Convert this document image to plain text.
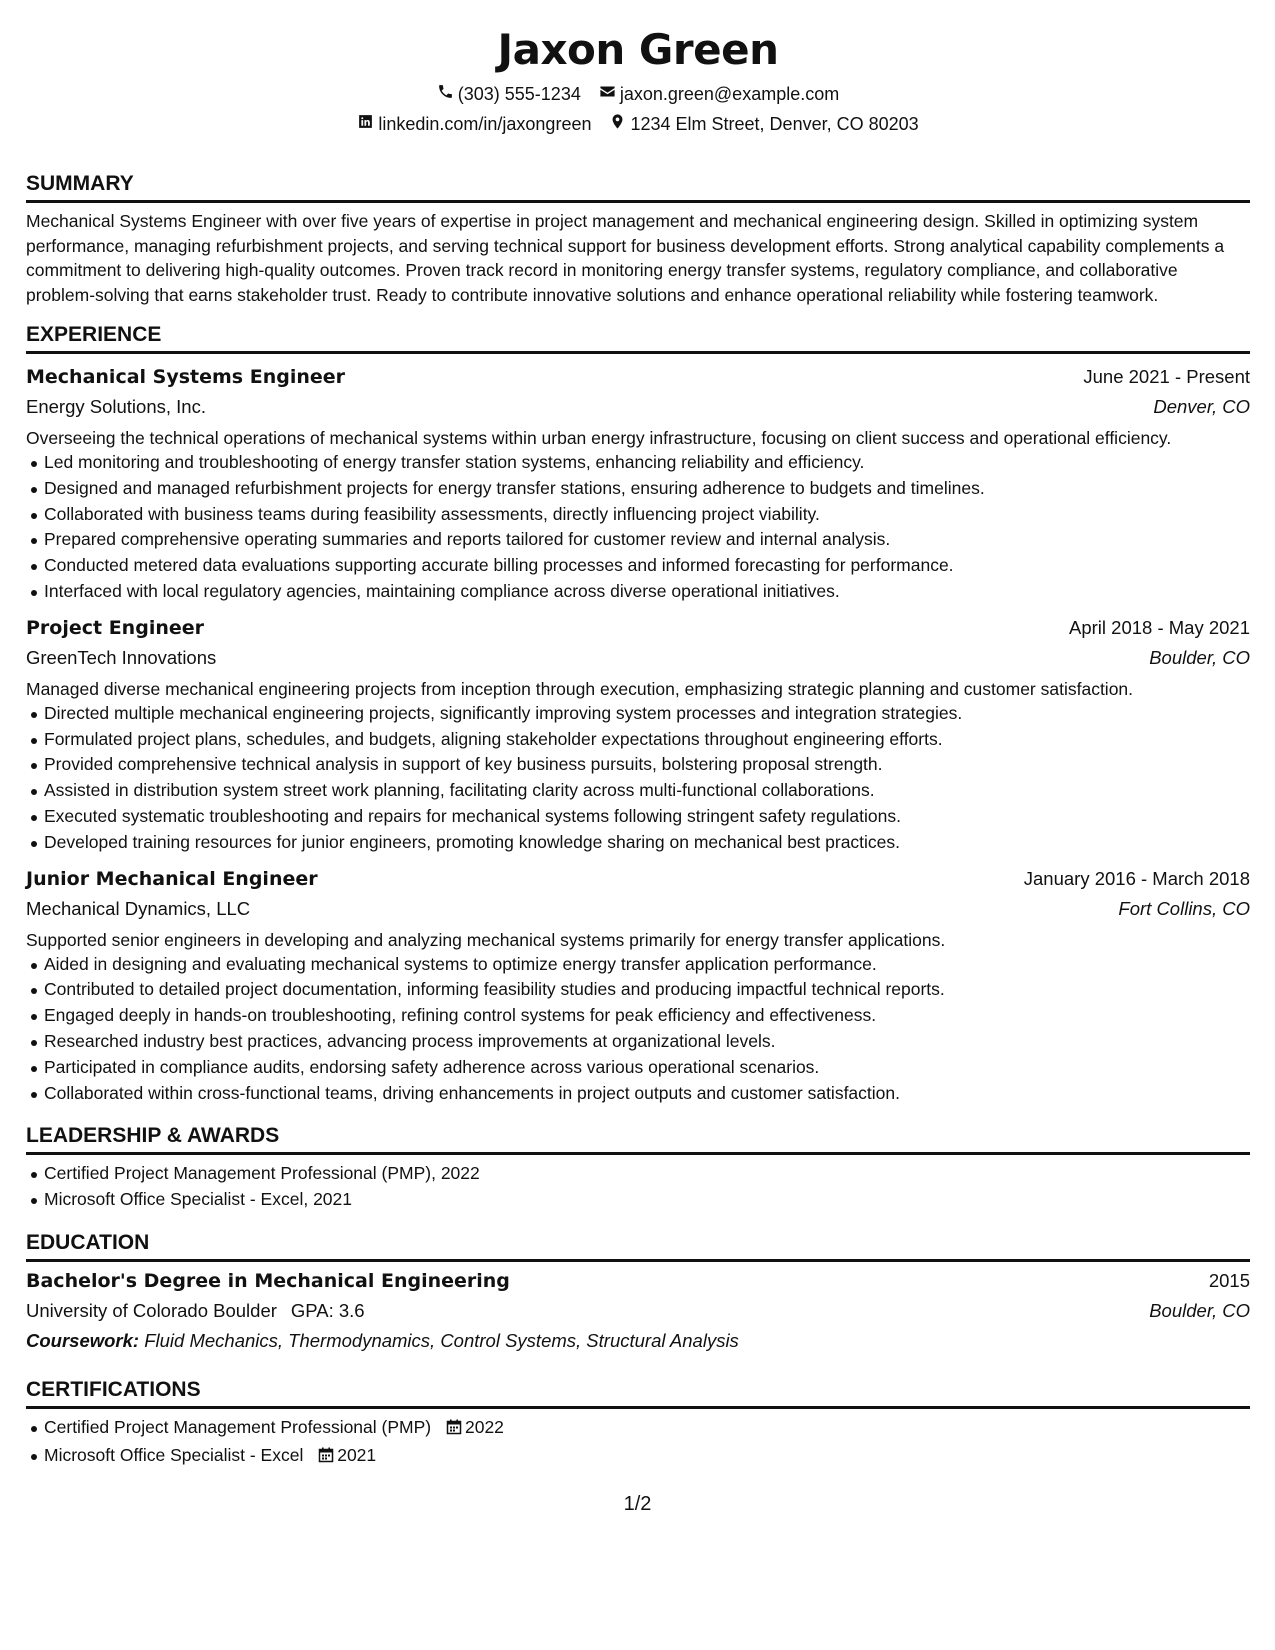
Jaxon Green
(303) 555-1234 jaxon.green@example.com
linkedin.com/in/jaxongreen 1234 Elm Street, Denver, CO 80203
SUMMARY

Mechanical Systems Engineer with over five years of expertise in project management and mechanical engineering design. Skilled in optimizing system performance, managing refurbishment projects, and serving technical support for business development efforts. Strong analytical capability complements a commitment to delivering high-quality outcomes. Proven track record in monitoring energy transfer systems, regulatory compliance, and collaborative problem-solving that earns stakeholder trust. Ready to contribute innovative solutions and enhance operational reliability while fostering teamwork.

EXPERIENCE
Mechanical Systems Engineer	June 2021 - Present
Energy Solutions, Inc.	Denver, CO
Overseeing the technical operations of mechanical systems within urban energy infrastructure, focusing on client success and operational efficiency.
Led monitoring and troubleshooting of energy transfer station systems, enhancing reliability and efficiency.
Designed and managed refurbishment projects for energy transfer stations, ensuring adherence to budgets and timelines.
Collaborated with business teams during feasibility assessments, directly influencing project viability.
Prepared comprehensive operating summaries and reports tailored for customer review and internal analysis.
Conducted metered data evaluations supporting accurate billing processes and informed forecasting for performance.
Interfaced with local regulatory agencies, maintaining compliance across diverse operational initiatives.
Project Engineer	April 2018 - May 2021
GreenTech Innovations	Boulder, CO
Managed diverse mechanical engineering projects from inception through execution, emphasizing strategic planning and customer satisfaction.
Directed multiple mechanical engineering projects, significantly improving system processes and integration strategies.
Formulated project plans, schedules, and budgets, aligning stakeholder expectations throughout engineering efforts.
Provided comprehensive technical analysis in support of key business pursuits, bolstering proposal strength.
Assisted in distribution system street work planning, facilitating clarity across multi-functional collaborations.
Executed systematic troubleshooting and repairs for mechanical systems following stringent safety regulations.
Developed training resources for junior engineers, promoting knowledge sharing on mechanical best practices.
Junior Mechanical Engineer	January 2016 - March 2018
Mechanical Dynamics, LLC	Fort Collins, CO
Supported senior engineers in developing and analyzing mechanical systems primarily for energy transfer applications.
Aided in designing and evaluating mechanical systems to optimize energy transfer application performance.
Contributed to detailed project documentation, informing feasibility studies and producing impactful technical reports.
Engaged deeply in hands-on troubleshooting, refining control systems for peak efficiency and effectiveness.
Researched industry best practices, advancing process improvements at organizational levels.
Participated in compliance audits, endorsing safety adherence across various operational scenarios.
Collaborated within cross-functional teams, driving enhancements in project outputs and customer satisfaction.
LEADERSHIP & AWARDS
Certified Project Management Professional (PMP), 2022
Microsoft Office Specialist - Excel, 2021
EDUCATION
Bachelor's Degree in Mechanical Engineering	2015
University of Colorado Boulder GPA: 3.6	Boulder, CO
Coursework: Fluid Mechanics, Thermodynamics, Control Systems, Structural Analysis
CERTIFICATIONS
Certified Project Management Professional (PMP) 2022
Microsoft Office Specialist - Excel 2021
1/2
